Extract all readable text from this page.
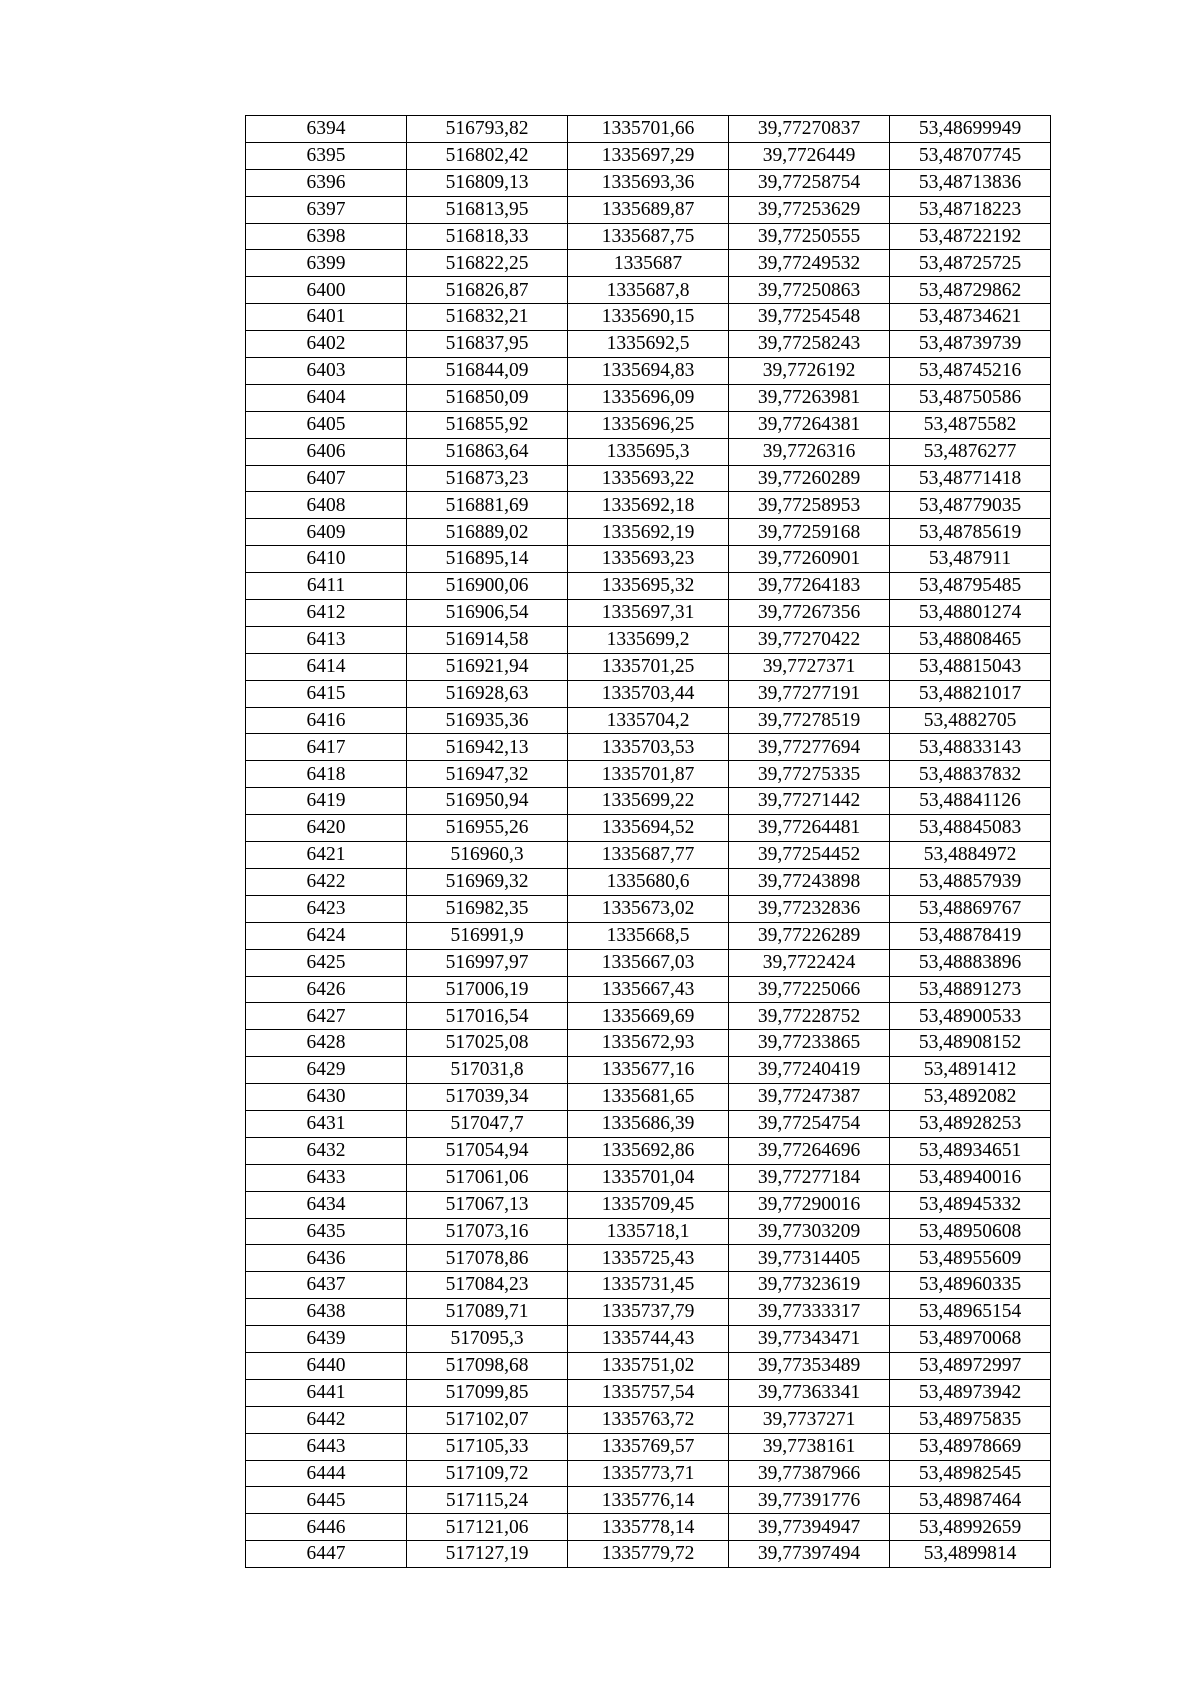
6394	516793,82	1335701,66	39,77270837	53,48699949
6395	516802,42	1335697,29	39,7726449	53,48707745
6396	516809,13	1335693,36	39,77258754	53,48713836
6397	516813,95	1335689,87	39,77253629	53,48718223
6398	516818,33	1335687,75	39,77250555	53,48722192
6399	516822,25	1335687	39,77249532	53,48725725
6400	516826,87	1335687,8	39,77250863	53,48729862
6401	516832,21	1335690,15	39,77254548	53,48734621
6402	516837,95	1335692,5	39,77258243	53,48739739
6403	516844,09	1335694,83	39,7726192	53,48745216
6404	516850,09	1335696,09	39,77263981	53,48750586
6405	516855,92	1335696,25	39,77264381	53,4875582
6406	516863,64	1335695,3	39,7726316	53,4876277
6407	516873,23	1335693,22	39,77260289	53,48771418
6408	516881,69	1335692,18	39,77258953	53,48779035
6409	516889,02	1335692,19	39,77259168	53,48785619
6410	516895,14	1335693,23	39,77260901	53,487911
6411	516900,06	1335695,32	39,77264183	53,48795485
6412	516906,54	1335697,31	39,77267356	53,48801274
6413	516914,58	1335699,2	39,77270422	53,48808465
6414	516921,94	1335701,25	39,7727371	53,48815043
6415	516928,63	1335703,44	39,77277191	53,48821017
6416	516935,36	1335704,2	39,77278519	53,4882705
6417	516942,13	1335703,53	39,77277694	53,48833143
6418	516947,32	1335701,87	39,77275335	53,48837832
6419	516950,94	1335699,22	39,77271442	53,48841126
6420	516955,26	1335694,52	39,77264481	53,48845083
6421	516960,3	1335687,77	39,77254452	53,4884972
6422	516969,32	1335680,6	39,77243898	53,48857939
6423	516982,35	1335673,02	39,77232836	53,48869767
6424	516991,9	1335668,5	39,77226289	53,48878419
6425	516997,97	1335667,03	39,7722424	53,48883896
6426	517006,19	1335667,43	39,77225066	53,48891273
6427	517016,54	1335669,69	39,77228752	53,48900533
6428	517025,08	1335672,93	39,77233865	53,48908152
6429	517031,8	1335677,16	39,77240419	53,4891412
6430	517039,34	1335681,65	39,77247387	53,4892082
6431	517047,7	1335686,39	39,77254754	53,48928253
6432	517054,94	1335692,86	39,77264696	53,48934651
6433	517061,06	1335701,04	39,77277184	53,48940016
6434	517067,13	1335709,45	39,77290016	53,48945332
6435	517073,16	1335718,1	39,77303209	53,48950608
6436	517078,86	1335725,43	39,77314405	53,48955609
6437	517084,23	1335731,45	39,77323619	53,48960335
6438	517089,71	1335737,79	39,77333317	53,48965154
6439	517095,3	1335744,43	39,77343471	53,48970068
6440	517098,68	1335751,02	39,77353489	53,48972997
6441	517099,85	1335757,54	39,77363341	53,48973942
6442	517102,07	1335763,72	39,7737271	53,48975835
6443	517105,33	1335769,57	39,7738161	53,48978669
6444	517109,72	1335773,71	39,77387966	53,48982545
6445	517115,24	1335776,14	39,77391776	53,48987464
6446	517121,06	1335778,14	39,77394947	53,48992659
6447	517127,19	1335779,72	39,77397494	53,4899814
